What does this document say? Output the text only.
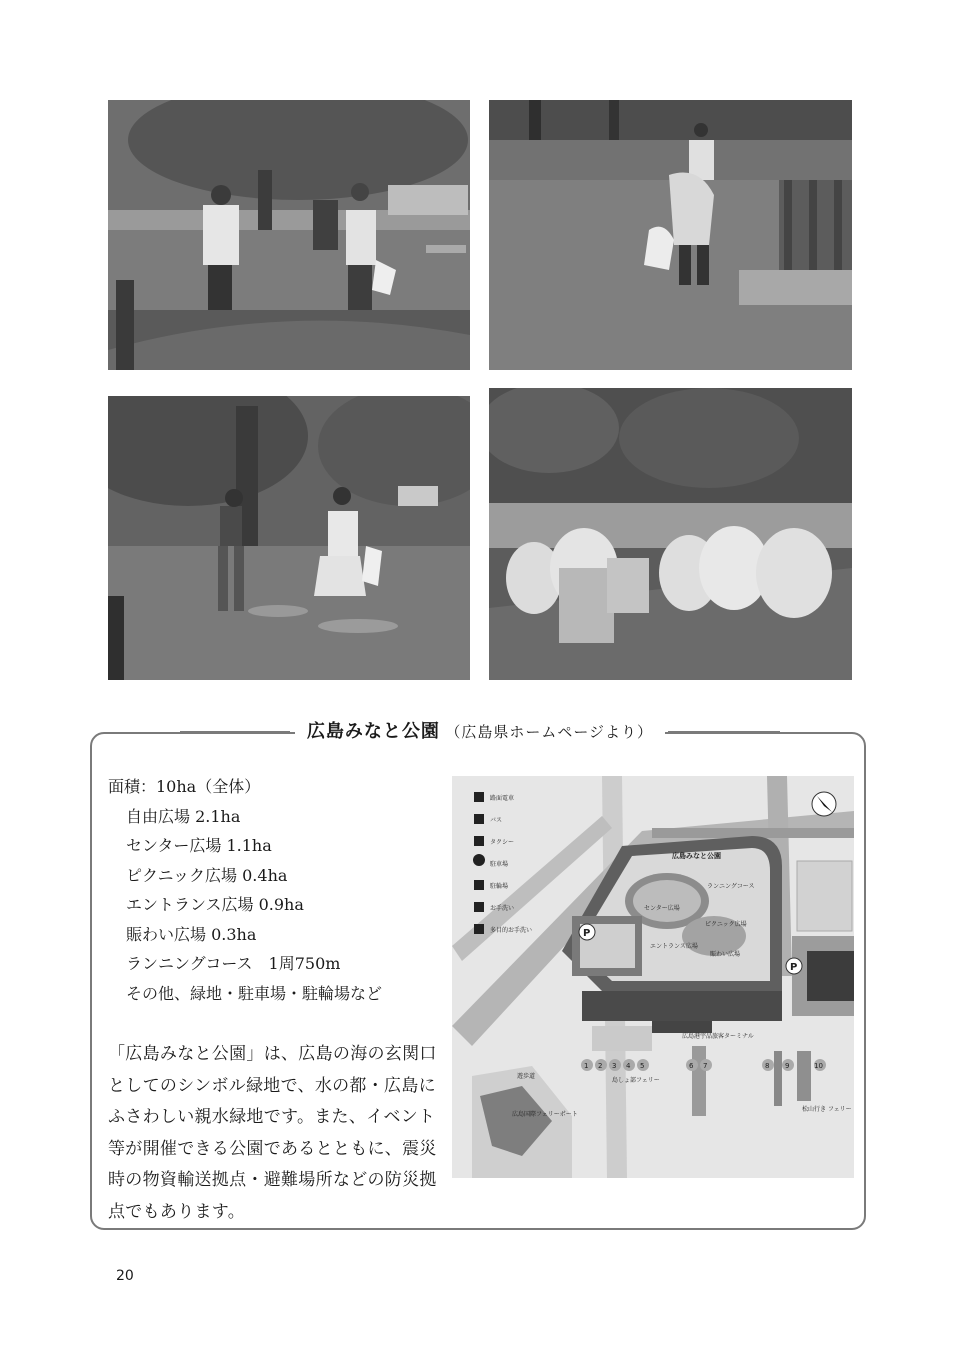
広島みなと公園 （広島県ホームページより）
面積：10ha（全体）
自由広場 2.1ha
センター広場 1.1ha
ピクニック広場 0.4ha
エントランス広場 0.9ha
賑わい広場 0.3ha
ランニングコース　1周750m
その他、緑地・駐車場・駐輪場など
「広島みなと公園」は、広島の海の玄関口
としてのシンボル緑地で、水の都・広島に
ふさわしい親水緑地です。また、イベント
等が開催できる公園であるとともに、震災
時の物資輸送拠点・避難場所などの防災拠
点でもあります。
路面電車
バス
タクシー
駐車場
駐輪場
お手洗い
多目的お手洗い
広島みなと公園
ランニングコース
センター広場
ピクニック広場
エントランス広場
賑わい広場
広島港宇品旅客ターミナル
広島国際フェリーポート
遊歩道
島しょ部フェリー
松山行き フェリー
P
P
1 2 3 4 5	6 7	8 9	10
20
